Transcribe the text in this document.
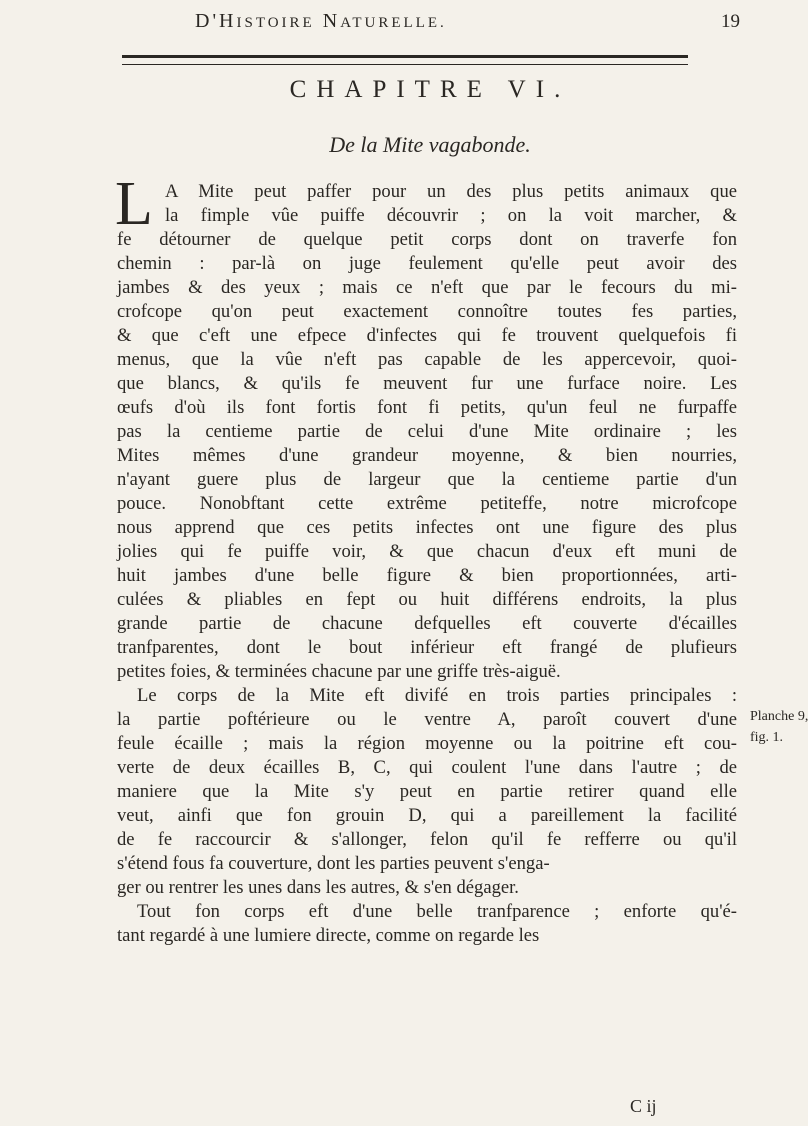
D'HISTOIRE NATURELLE.	19
CHAPITRE VI.
De la Mite vagabonde.
L A Mite peut paffer pour un des plus petits animaux que
la fimple vûe puiffe découvrir ; on la voit marcher, &
fe détourner de quelque petit corps dont on traverfe fon
chemin : par-là on juge feulement qu'elle peut avoir des
jambes & des yeux ; mais ce n'eft que par le fecours du mi-
crofcope qu'on peut exactement connoître toutes fes parties,
& que c'eft une efpece d'infectes qui fe trouvent quelquefois fi
menus, que la vûe n'eft pas capable de les appercevoir, quoi-
que blancs, & qu'ils fe meuvent fur une furface noire. Les
œufs d'où ils font fortis font fi petits, qu'un feul ne furpaffe
pas la centieme partie de celui d'une Mite ordinaire ; les
Mites mêmes d'une grandeur moyenne, & bien nourries,
n'ayant guere plus de largeur que la centieme partie d'un
pouce. Nonobftant cette extrême petiteffe, notre microfcope
nous apprend que ces petits infectes ont une figure des plus
jolies qui fe puiffe voir, & que chacun d'eux eft muni de
huit jambes d'une belle figure & bien proportionnées, arti-
culées & pliables en fept ou huit différens endroits, la plus
grande partie de chacune defquelles eft couverte d'écailles
tranfparentes, dont le bout inférieur eft frangé de plufieurs
petites foies, & terminées chacune par une griffe très-aiguë.
Le corps de la Mite eft divifé en trois parties principales :
la partie poftérieure ou le ventre A, paroît couvert d'une
feule écaille ; mais la région moyenne ou la poitrine eft cou-
verte de deux écailles B, C, qui coulent l'une dans l'autre ; de
maniere que la Mite s'y peut en partie retirer quand elle
veut, ainfi que fon grouin D, qui a pareillement la facilité
de fe raccourcir & s'allonger, felon qu'il fe refferre ou qu'il
s'étend fous fa couverture, dont les parties peuvent s'enga-
ger ou rentrer les unes dans les autres, & s'en dégager.
Tout fon corps eft d'une belle tranfparence ; enforte qu'é-
tant regardé à une lumiere directe, comme on regarde les
Planche 9,
fig. 1.
C ij
